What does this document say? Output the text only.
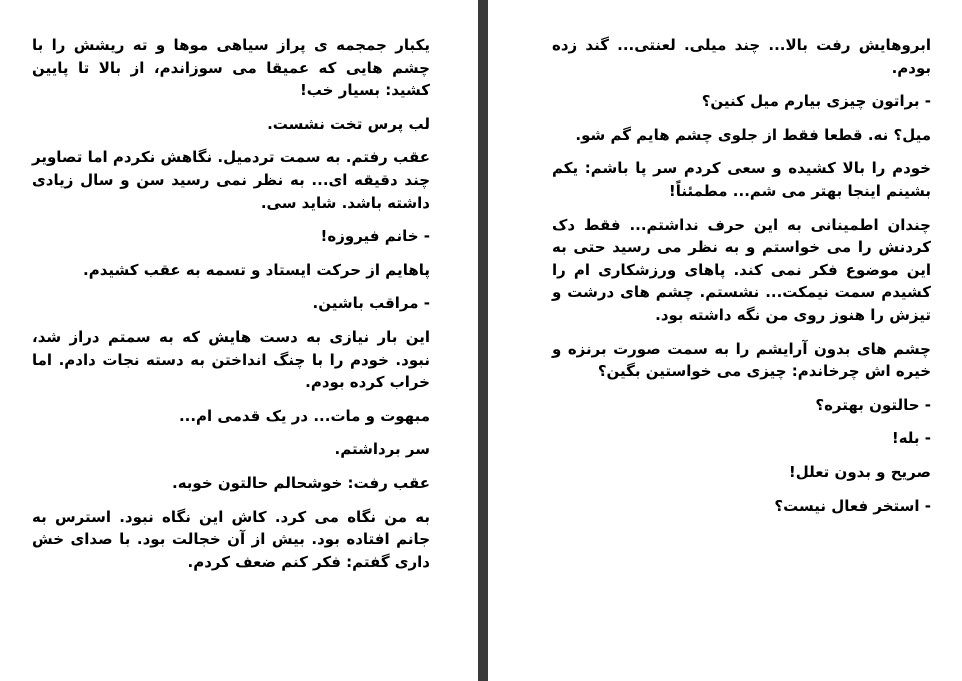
یکبار جمجمه ی پراز سیاهی موها و ته ریشش را با چشم هایی که عمیقا می سوزاندم، از بالا تا پایین کشید: بسیار خب!

لب پرس تخت نشست.

عقب رفتم. به سمت تردمیل. نگاهش نکردم اما تصاویر چند دقیقه ای... به نظر نمی رسید سن و سال زیادی داشته باشد. شاید سی.

- خانم فیروزه!

پاهایم از حرکت ایستاد و تسمه به عقب کشیدم.

- مراقب باشین.

این بار نیازی به دست هایش که به سمتم دراز شد، نبود. خودم را با چنگ انداختن به دسته نجات دادم. اما خراب کرده بودم.

مبهوت و مات... در یک قدمی ام...

سر برداشتم.

عقب رفت: خوشحالم حالتون خوبه.

به من نگاه می کرد. کاش این نگاه نبود. استرس به جانم افتاده بود. بیش از آن خجالت بود. با صدای خش داری گفتم: فکر کنم ضعف کردم.

ابروهایش رفت بالا... چند میلی. لعنتی... گند زده بودم.

- براتون چیزی بیارم میل کنین؟

میل؟ نه. قطعا فقط از جلوی چشم هایم گم شو.

خودم را بالا کشیده و سعی کردم سر پا باشم: یکم بشینم اینجا بهتر می شم... مطمئناً!

چندان اطمینانی به این حرف نداشتم... فقط دک کردنش را می خواستم و به نظر می رسید حتی به این موضوع فکر نمی کند. پاهای ورزشکاری ام را کشیدم سمت نیمکت... نشستم. چشم های درشت و تیزش را هنوز روی من نگه داشته بود.

چشم های بدون آرایشم را به سمت صورت برنزه و خیره اش چرخاندم: چیزی می خواستین بگین؟

- حالتون بهتره؟

- بله!

صریح و بدون تعلل!

- استخر فعال نیست؟
